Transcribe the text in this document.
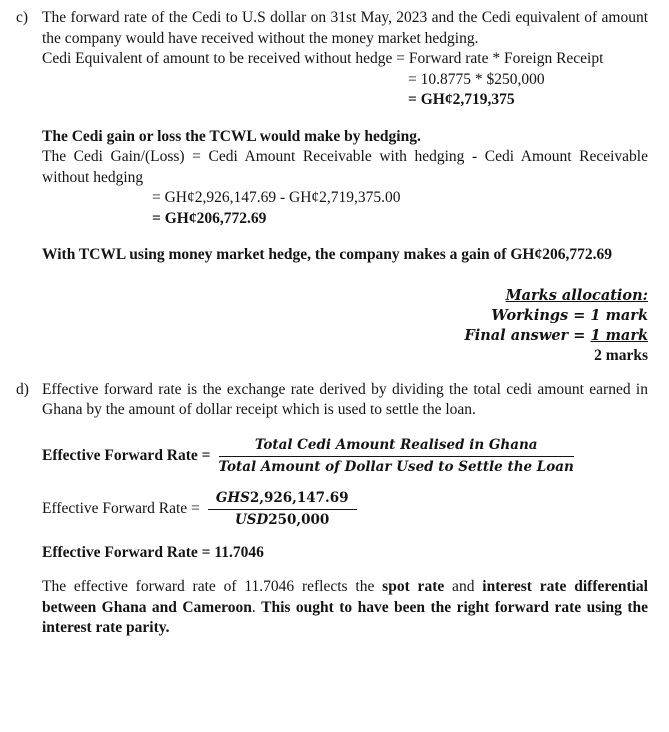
c) The forward rate of the Cedi to U.S dollar on 31st May, 2023 and the Cedi equivalent of amount the company would have received without the money market hedging.

Cedi Equivalent of amount to be received without hedge = Forward rate * Foreign Receipt

= 10.8775 * $250,000

= GH¢2,719,375

The Cedi gain or loss the TCWL would make by hedging.

The Cedi Gain/(Loss) = Cedi Amount Receivable with hedging - Cedi Amount Receivable without hedging

= GH¢2,926,147.69 - GH¢2,719,375.00

= GH¢206,772.69

With TCWL using money market hedge, the company makes a gain of GH¢206,772.69

Marks allocation:

Workings = 1 mark

Final answer = 1 mark

2 marks

d) Effective forward rate is the exchange rate derived by dividing the total cedi amount earned in Ghana by the amount of dollar receipt which is used to settle the loan.

Effective Forward Rate = $\frac{\text{Total Cedi Amount Realised in Ghana}}{\text{Total Amount of Dollar Used to Settle the Loan}}$
Effective Forward Rate = $\frac{\text{GHS2,926,147.69}}{\text{USD250,000}}$

Effective Forward Rate = 11.7046

The effective forward rate of 11.7046 reflects the spot rate and interest rate differential between Ghana and Cameroon. This ought to have been the right forward rate using the interest rate parity.
